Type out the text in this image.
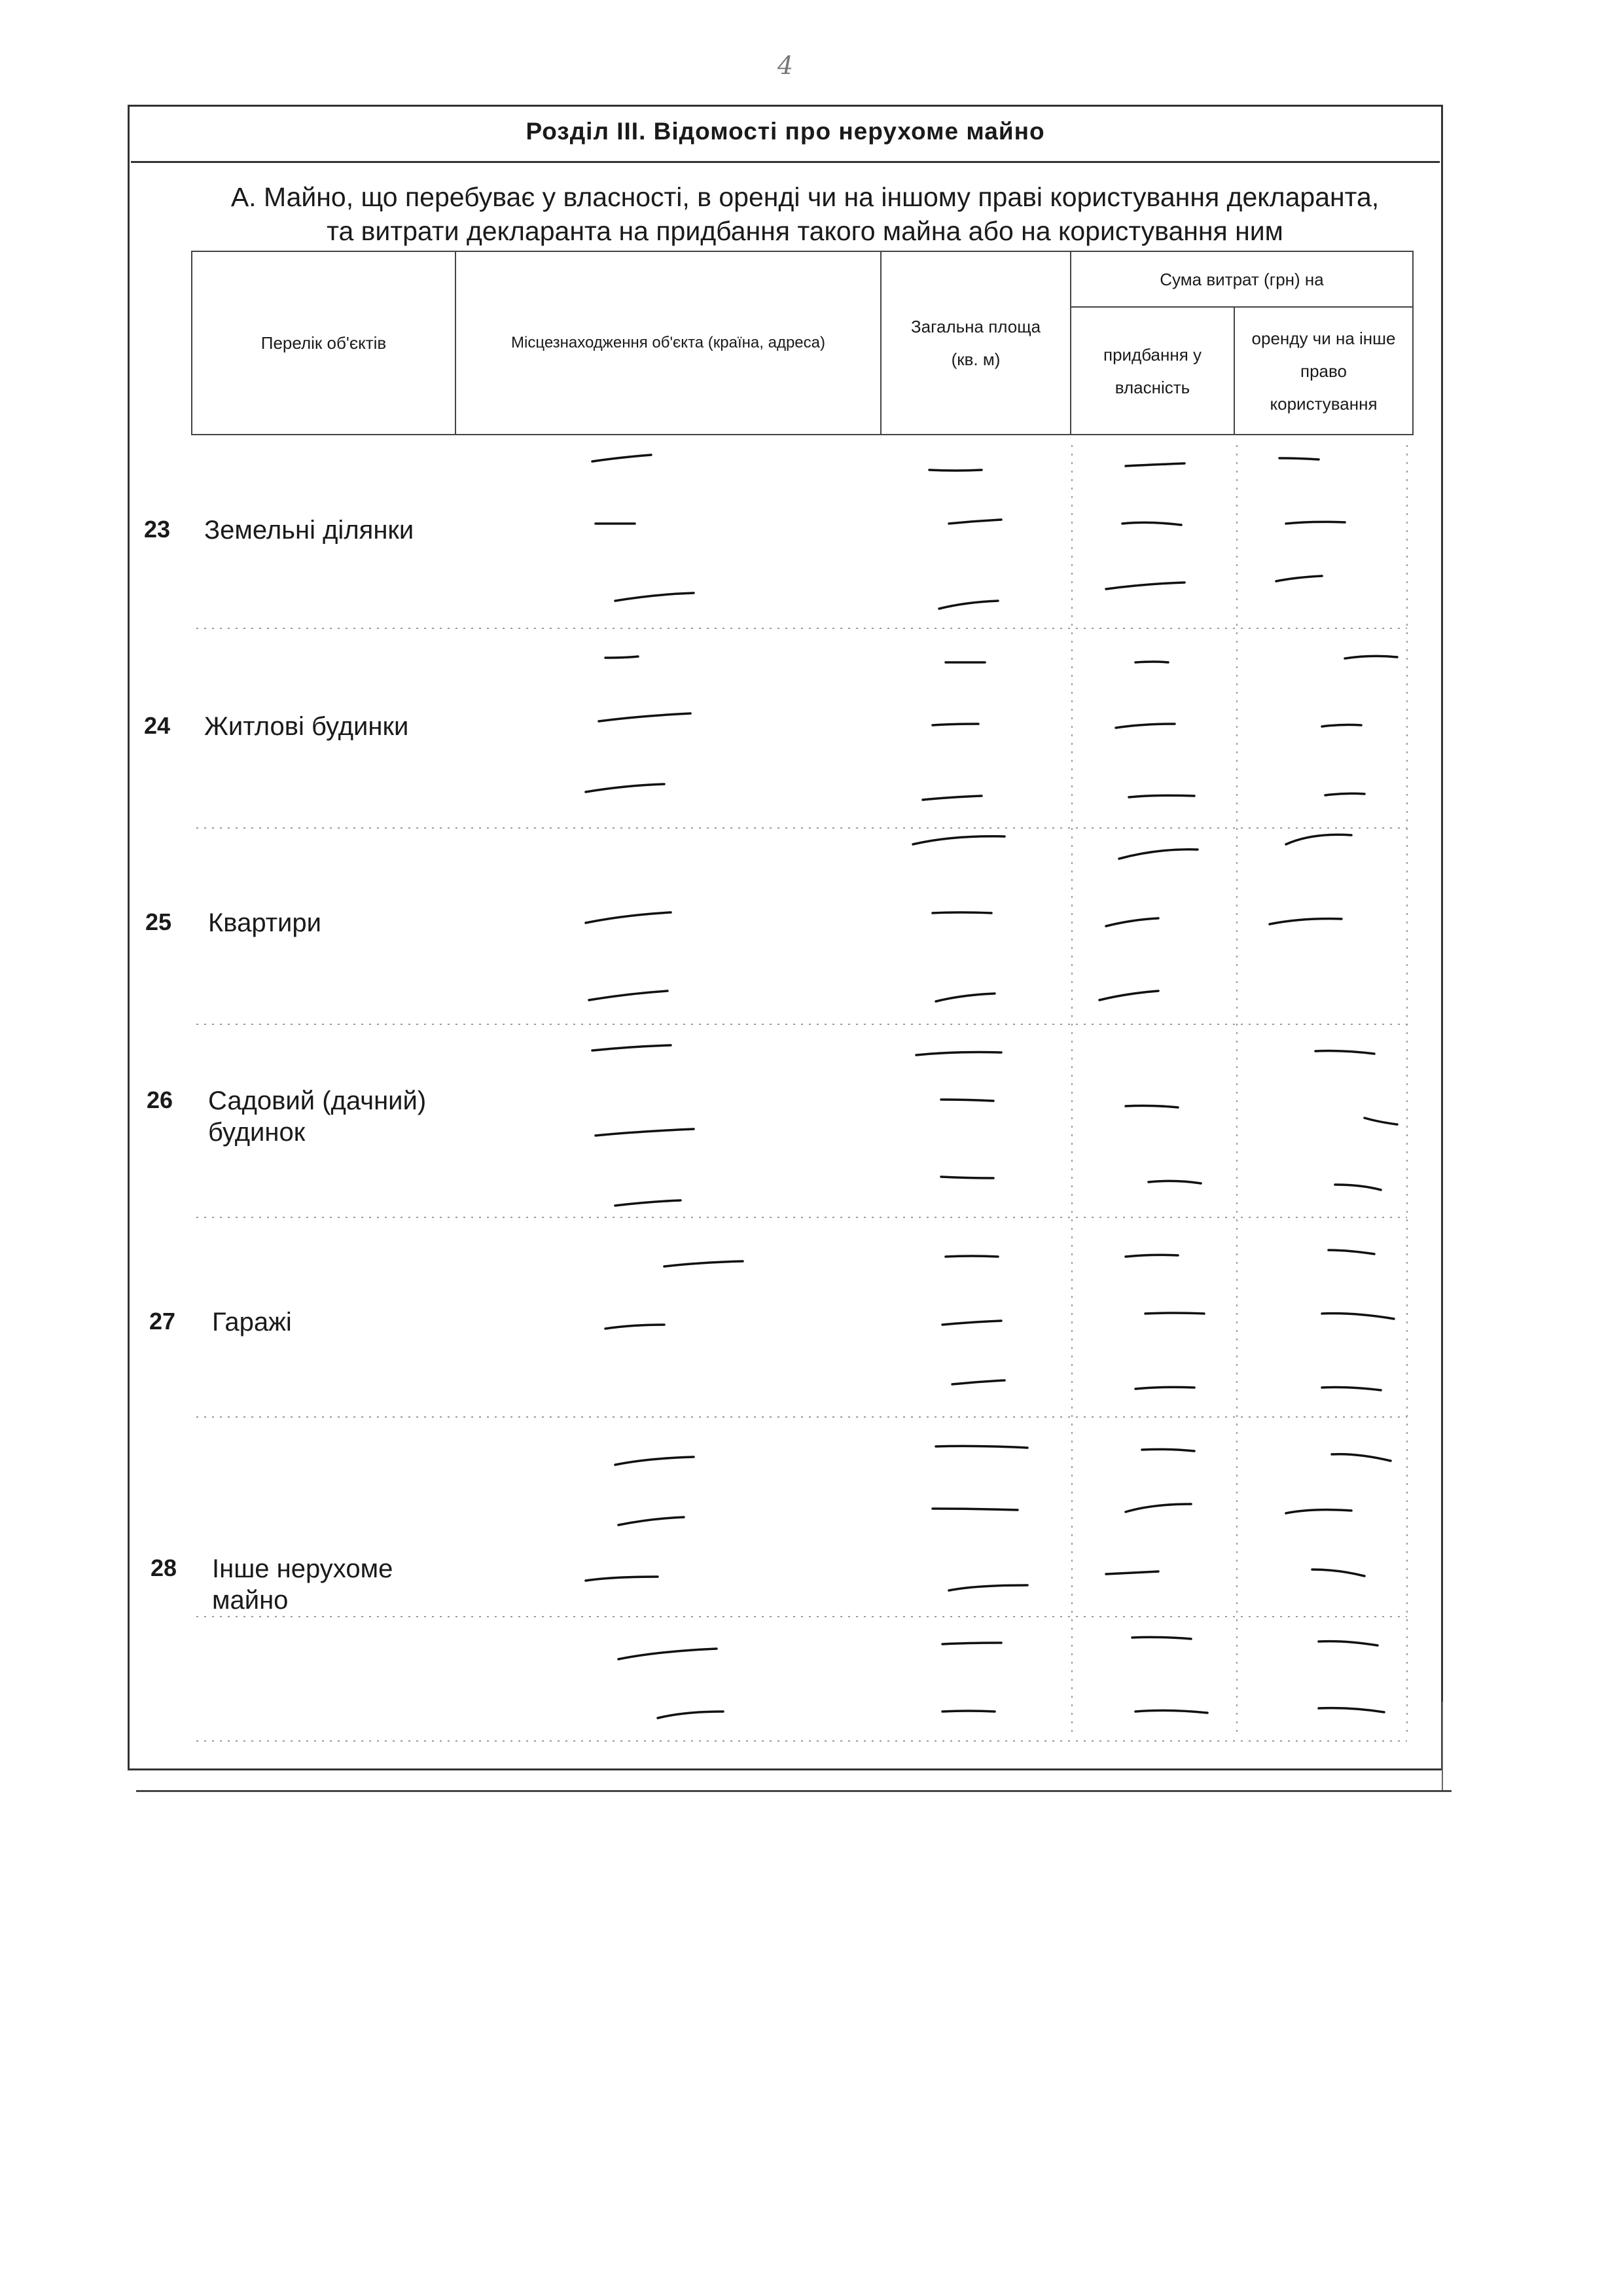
4
Розділ III. Відомості про нерухоме майно
А. Майно, що перебуває у власності, в оренді чи на іншому праві користування декларанта,
та витрати декларанта на придбання такого майна або на користування ним
Перелік об'єктів	Місцезнаходження об'єкта (країна, адреса)	Загальна площа (кв. м)	Сума витрат (грн) на	
			придбання у власність	оренду чи на інше право користування
23 Земельні ділянки
24 Житлові будинки
25 Квартири
26 Садовий (дачний) будинок
27 Гаражі
28 Інше нерухоме майно
